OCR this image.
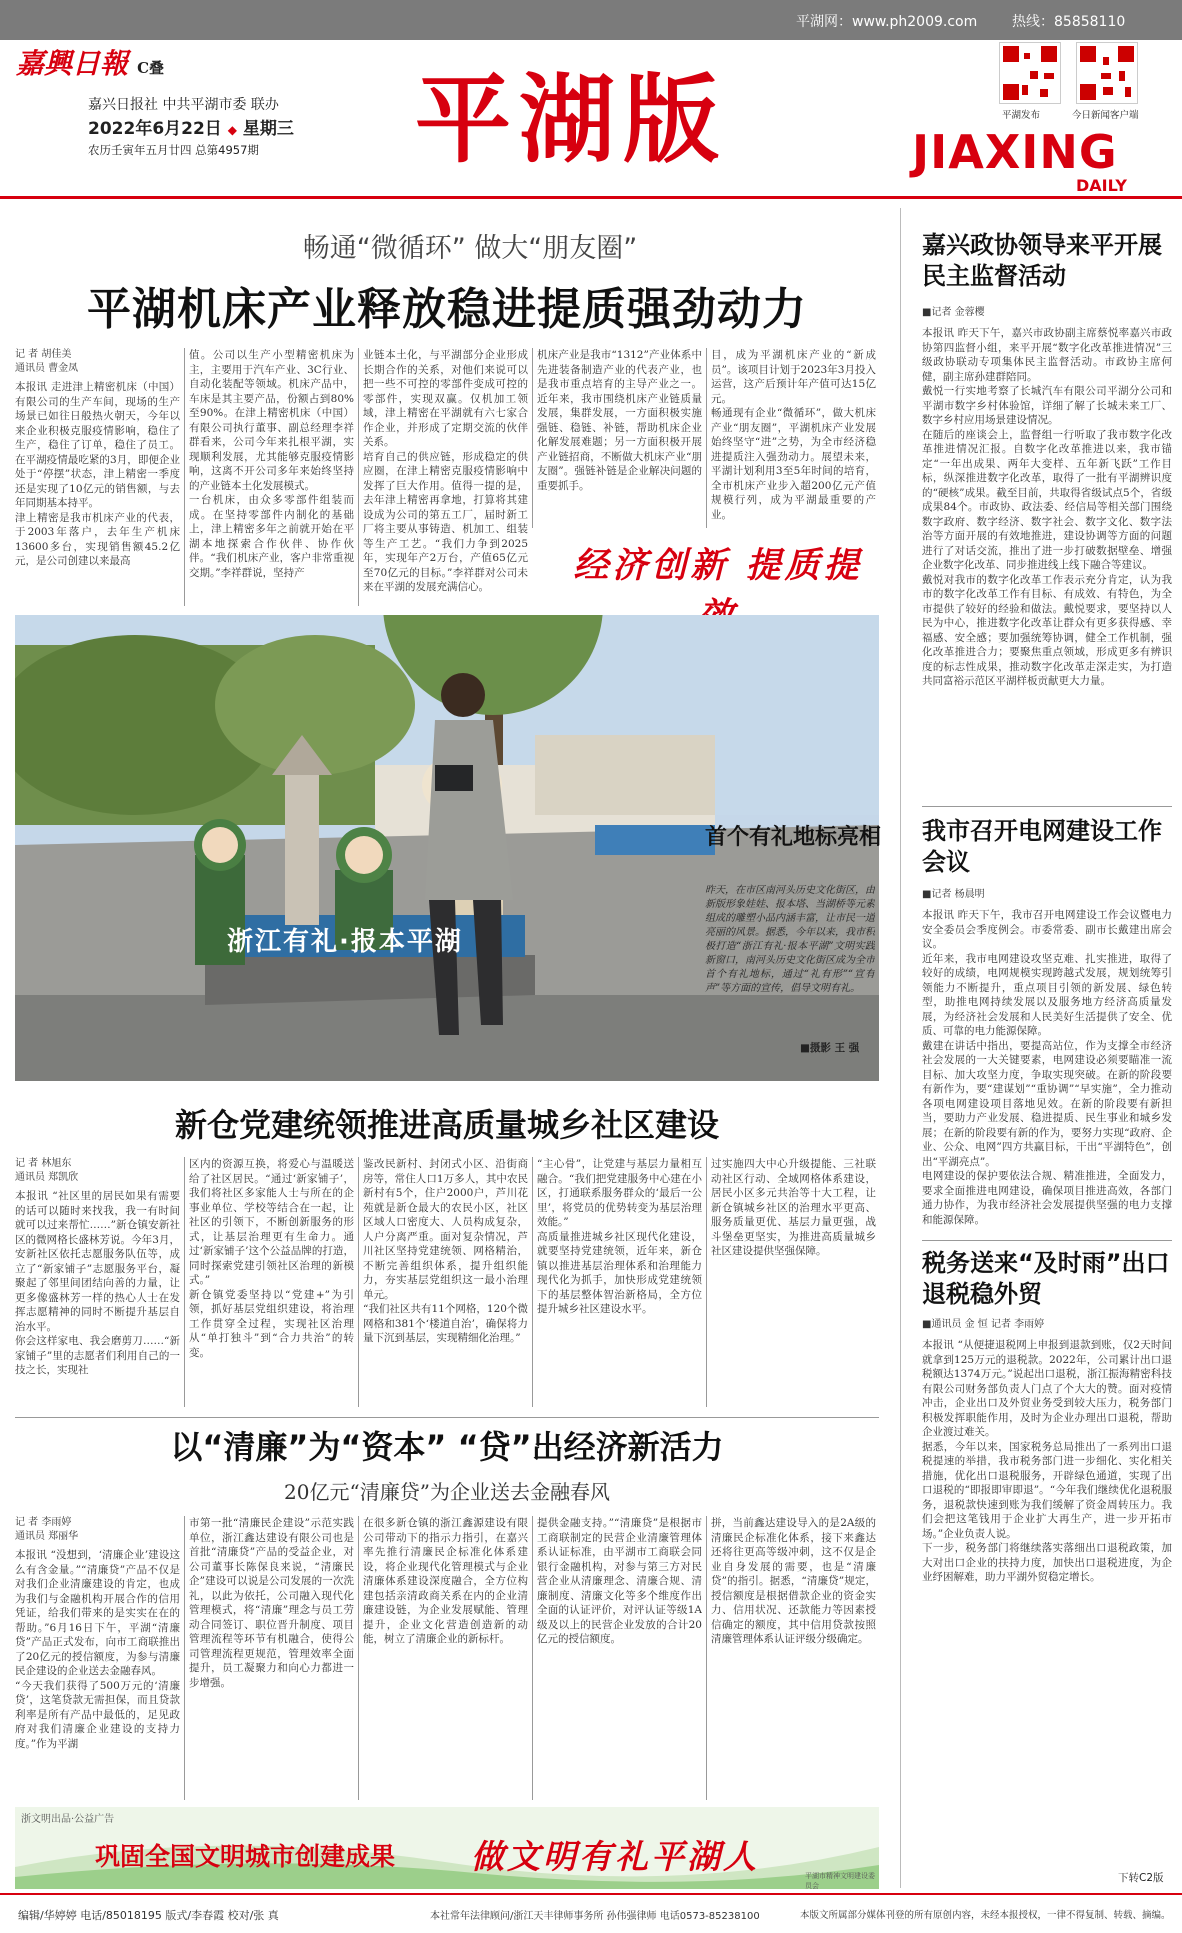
平湖网：www.ph2009.com 热线：85858110
嘉興日報 C叠
嘉兴日报社 中共平湖市委 联办
2022年6月22日 ◆ 星期三
农历壬寅年五月廿四 总第4957期 平湖版	平湖发布	今日新闻客户端
JIAXING
DAILY
畅通“微循环” 做大“朋友圈”
平湖机床产业释放稳进提质强劲动力
记 者 胡佳美
通讯员 曹金凤
本报讯 走进津上精密机床（中国）有限公司的生产车间，现场的生产场景已如往日般热火朝天，今年以来企业积极克服疫情影响，稳住了生产，稳住了订单，稳住了员工。在平湖疫情最吃紧的3月，即便企业处于“停摆”状态，津上精密一季度还是实现了10亿元的销售额，与去年同期基本持平。
津上精密是我市机床产业的代表，于2003年落户，去年生产机床13600多台，实现销售额45.2亿元，是公司创建以来最高
值。公司以生产小型精密机床为主，主要用于汽车产业、3C行业、自动化装配等领域。机床产品中，车床是其主要产品，份额占到80%至90%。在津上精密机床（中国）有限公司执行董事、副总经理李祥群看来，公司今年来扎根平湖，实现顺利发展，尤其能够克服疫情影响，这离不开公司多年来始终坚持的产业链本土化发展模式。
一台机床，由众多零部件组装而成。在坚持零部件内制化的基础上，津上精密多年之前就开始在平湖本地探索合作伙伴、协作伙伴。“我们机床产业，客户非常重视交期。”李祥群说，坚持产
业链本土化，与平湖部分企业形成长期合作的关系，对他们来说可以把一些不可控的零部件变成可控的零部件，实现双赢。仅机加工领域，津上精密在平湖就有六七家合作企业，并形成了定期交流的伙伴关系。
培育自己的供应链，形成稳定的供应圈，在津上精密克服疫情影响中发挥了巨大作用。值得一提的是，去年津上精密再拿地，打算将其建设成为公司的第五工厂，届时新工厂将主要从事铸造、机加工、组装等生产工艺。“我们力争到2025年，实现年产2万台，产值65亿元至70亿元的目标。”李祥群对公司未来在平湖的发展充满信心。
机床产业是我市“1312”产业体系中先进装备制造产业的代表产业，也是我市重点培育的主导产业之一。近年来，我市围绕机床产业链质量发展，集群发展，一方面积极实施强链、稳链、补链，帮助机床企业化解发展难题；另一方面积极开展产业链招商，不断做大机床产业“朋友圈”。强链补链是企业解决问题的重要抓手。
目，成为平湖机床产业的“新成员”。该项目计划于2023年3月投入运营，这产后预计年产值可达15亿元。
畅通现有企业“微循环”，做大机床产业“朋友圈”，平湖机床产业发展始终坚守“进”之势，为全市经济稳进提质注入强劲动力。展望未来，平湖计划利用3至5年时间的培育，全市机床产业步入超200亿元产值规模行列，成为平湖最重要的产业。
经济创新 提质提
浙江有礼·报本平湖
首个有礼地标亮相
昨天，在市区南河头历史文化街区，由新版形象娃娃、报本塔、当湖桥等元素组成的雕塑小品内涵丰富，让市民一道亮丽的风景。据悉，今年以来，我市积极打造“浙江有礼·报本平湖”文明实践新窗口，南河头历史文化街区成为全市首个有礼地标，通过“礼有形”“宣有声”等方面的宣传，倡导文明有礼。
■摄影 王 强
新仓党建统领推进高质量城乡社区建设
记 者 林旭东
通讯员 郑凯欣
本报讯 “社区里的居民如果有需要的话可以随时来找我，我一有时间就可以过来帮忙……”新仓镇安新社区的微网格长盛林芳说。今年3月，安新社区依托志愿服务队伍等，成立了“新家铺子”志愿服务平台，凝聚起了邻里间团结向善的力量，让更多像盛林芳一样的热心人士在发挥志愿精神的同时不断提升基层自治水平。
你会这样家电、我会磨剪刀……“新家铺子”里的志愿者们利用自己的一技之长，实现社
区内的资源互换，将爱心与温暖送给了社区居民。“通过‘新家铺子’，我们将社区多家能人士与所在的企事业单位、学校等结合在一起，让社区的引领下，不断创新服务的形式，让基层治理更有生命力。通过‘新家铺子’这个公益品牌的打造，同时探索党建引领社区治理的新模式。”
新仓镇党委坚持以“党建+”为引领，抓好基层党组织建设，将治理工作贯穿全过程，实现社区治理从“单打独斗”到“合力共治”的转变。
鉴改民新村、封闭式小区、沿街商房等，常住人口1万多人，其中农民新村有5个，住户2000户，芦川花苑就是新仓最大的农民小区，社区区域人口密度大、人员构成复杂，人户分离严重。面对复杂情况，芦川社区坚持党建统领、网格精治，不断完善组织体系，提升组织能力，夯实基层党组织这一最小治理单元。
“我们社区共有11个网格，120个微网格和381个‘楼道自治’，确保将力量下沉到基层，实现精细化治理。”
“主心骨”，让党建与基层力量相互融合。“我们把党建服务中心建在小区，打通联系服务群众的‘最后一公里’，将党员的优势转变为基层治理效能。”
高质量推进城乡社区现代化建设，就要坚持党建统领，近年来，新仓镇以推进基层治理体系和治理能力现代化为抓手，加快形成党建统领下的基层整体智治新格局，全方位提升城乡社区建设水平。
过实施四大中心升级提能、三社联动社区行动、全域网格体系建设，居民小区多元共治等十大工程，让新仓镇城乡社区的治理水平更高、服务质量更优、基层力量更强，战斗堡垒更坚实，为推进高质量城乡社区建设提供坚强保障。
以“清廉”为“资本” “贷”出经济新活力
20亿元“清廉贷”为企业送去金融春风
记 者 李雨婷
通讯员 郑丽华
本报讯 “没想到，‘清廉企业’建设这么有含金量。”“清廉贷”产品不仅是对我们企业清廉建设的肯定，也成为我们与金融机构开展合作的信用凭证，给我们带来的是实实在在的帮助。”6月16日下午，平湖“清廉贷”产品正式发布，向市工商联推出了20亿元的授信额度，为参与清廉民企建设的企业送去金融春风。
“今天我们获得了500万元的‘清廉贷’，这笔贷款无需担保，而且贷款利率是所有产品中最低的，足见政府对我们清廉企业建设的支持力度。”作为平湖
市第一批“清廉民企建设”示范实践单位，浙江鑫达建设有限公司也是首批“清廉贷”产品的受益企业，对公司董事长陈保良来说，“清廉民企”建设可以说是公司发展的一次洗礼，以此为依托，公司融入现代化管理模式，将“清廉”理念与员工劳动合同签订、职位晋升制度、项目管理流程等环节有机融合，使得公司管理流程更规范，管理效率全面提升，员工凝聚力和向心力都进一步增强。
在很多新仓镇的浙江鑫源建设有限公司带动下的指示力指引，在嘉兴率先推行清廉民企标准化体系建设，将企业现代化管理模式与企业清廉体系建设深度融合，全方位构建包括亲清政商关系在内的企业清廉建设链，为企业发展赋能、管理提升，企业文化营造创造新的动能，树立了清廉企业的新标杆。
提供金融支持。”“清廉贷”是根据市工商联制定的民营企业清廉管理体系认证标准，由平湖市工商联会同银行金融机构，对参与第三方对民营企业从清廉理念、清廉合规、清廉制度、清廉文化等多个维度作出全面的认证评价，对评认证等级1A级及以上的民营企业发放的合计20亿元的授信额度。
拼，当前鑫达建设导入的是2A级的清廉民企标准化体系，接下来鑫达还将往更高等级冲刺，这不仅是企业自身发展的需要，也是“清廉贷”的指引。据悉，“清廉贷”规定，授信额度是根据借款企业的资金实力、信用状况、还款能力等因素授信确定的额度，其中信用贷款按照清廉管理体系认证评级分级确定。
嘉兴政协领导来平开展民主监督活动
■记者 金蓉樱
本报讯 昨天下午，嘉兴市政协副主席蔡悦率嘉兴市政协第四监督小组，来平开展“数字化改革推进情况”三级政协联动专项集体民主监督活动。市政协主席何健，副主席孙建群陪同。
戴悦一行实地考察了长城汽车有限公司平湖分公司和平湖市数字乡村体验馆，详细了解了长城未来工厂、数字乡村应用场景建设情况。
在随后的座谈会上，监督组一行听取了我市数字化改革推进情况汇报。自数字化改革推进以来，我市锚定“一年出成果、两年大变样、五年新飞跃”工作目标，纵深推进数字化改革，取得了一批有平湖辨识度的“硬核”成果。截至目前，共取得省级试点5个，省级成果84个。市政协、政法委、经信局等相关部门围绕数字政府、数字经济、数字社会、数字文化、数字法治等方面开展的有效地推进，建设协调等方面的问题进行了对话交流，推出了进一步打破数据壁垒、增强企业数字化改革、同步推进线上线下融合等建议。
戴悦对我市的数字化改革工作表示充分肯定，认为我市的数字化改革工作有目标、有成效、有特色，为全市提供了较好的经验和做法。戴悦要求，要坚持以人民为中心，推进数字化改革让群众有更多获得感、幸福感、安全感；要加强统筹协调，健全工作机制，强化改革推进合力；要聚焦重点领域，形成更多有辨识度的标志性成果，推动数字化改革走深走实，为打造共同富裕示范区平湖样板贡献更大力量。
我市召开电网建设工作会议
■记者 杨晨明
本报讯 昨天下午，我市召开电网建设工作会议暨电力安全委员会季度例会。市委常委、副市长戴建出席会议。
近年来，我市电网建设攻坚克难、扎实推进，取得了较好的成绩，电网规模实现跨越式发展，规划统筹引领能力不断提升，重点项目引领的新发展、绿色转型，助推电网持续发展以及服务地方经济高质量发展，为经济社会发展和人民美好生活提供了安全、优质、可靠的电力能源保障。
戴建在讲话中指出，要提高站位，作为支撑全市经济社会发展的一大关键要素，电网建设必须要瞄准一流目标、加大攻坚力度，争取实现突破。在新的阶段要有新作为，要“建谋划”“重协调”“早实施”，全力推动各项电网建设项目落地见效。在新的阶段要有新担当，要助力产业发展、稳进提质、民生事业和城乡发展；在新的阶段要有新的作为，要努力实现“政府、企业、公众、电网”四方共赢目标，干出“平湖特色”，创出“平湖亮点”。
电网建设的保护要依法合规、精准推进，全面发力，要求全面推进电网建设，确保项目推进高效，各部门通力协作，为我市经济社会发展提供坚强的电力支撑和能源保障。
税务送来“及时雨”出口退税稳外贸
■通讯员 金 恒 记者 李雨婷
本报讯 “从便捷退税网上申报到退款到账，仅2天时间就拿到125万元的退税款。2022年，公司累计出口退税额达1374万元。”说起出口退税，浙江振海精密科技有限公司财务部负责人门点了个大大的赞。面对疫情冲击，企业出口及外贸业务受到较大压力，税务部门积极发挥职能作用，及时为企业办理出口退税，帮助企业渡过难关。
据悉，今年以来，国家税务总局推出了一系列出口退税提速的举措，我市税务部门进一步细化、实化相关措施，优化出口退税服务，开辟绿色通道，实现了出口退税的“即报即审即退”。“今年我们继续优化退税服务，退税款快速到账为我们缓解了资金周转压力。我们会把这笔钱用于企业扩大再生产，进一步开拓市场。”企业负责人说。
下一步，税务部门将继续落实落细出口退税政策，加大对出口企业的扶持力度，加快出口退税进度，为企业纾困解难，助力平湖外贸稳定增长。
下转C2版
浙文明出品·公益广告
巩固全国文明城市创建成果 做文明有礼平湖人	平湖市精神文明建设委员会
编辑/华婷婷 电话/85018195 版式/李春霞 校对/张 真	本社常年法律顾问/浙江天丰律师事务所 孙伟强律师 电话0573-85238100	本版文所属部分媒体刊登的所有原创内容，未经本报授权，一律不得复制、转载、摘编。
